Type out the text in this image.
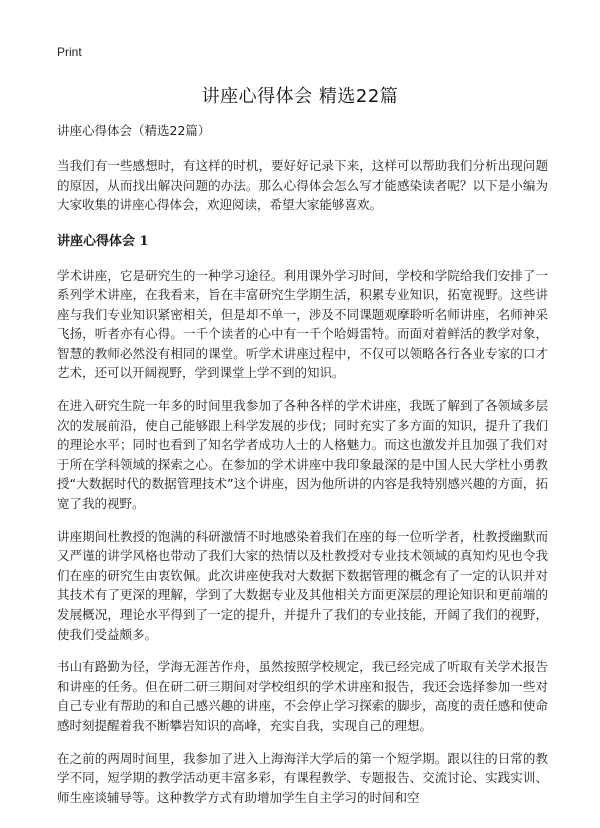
Print
讲座心得体会 精选22篇

讲座心得体会（精选22篇）

当我们有一些感想时，有这样的时机，要好好记录下来，这样可以帮助我们分析出现问题的原因，从而找出解决问题的办法。那么心得体会怎么写才能感染读者呢？以下是小编为大家收集的讲座心得体会，欢迎阅读，希望大家能够喜欢。

讲座心得体会 1

学术讲座，它是研究生的一种学习途径。利用课外学习时间，学校和学院给我们安排了一系列学术讲座，在我看来，旨在丰富研究生学期生活，积累专业知识，拓宽视野。这些讲座与我们专业知识紧密相关，但是却不单一，涉及不同课题观摩聆听名师讲座，名师神采飞扬，听者亦有心得。一千个读者的心中有一千个哈姆雷特。而面对着鲜活的教学对象，智慧的教师必然没有相同的课堂。听学术讲座过程中，不仅可以领略各行各业专家的口才艺术，还可以开阔视野，学到课堂上学不到的知识。

在进入研究生院一年多的时间里我参加了各种各样的学术讲座，我既了解到了各领域多层次的发展前沿，使自己能够跟上科学发展的步伐；同时充实了多方面的知识，提升了我们的理论水平；同时也看到了知名学者成功人士的人格魅力。而这也激发并且加强了我们对于所在学科领域的探索之心。在参加的学术讲座中我印象最深的是中国人民大学杜小勇教授“大数据时代的数据管理技术”这个讲座，因为他所讲的内容是我特别感兴趣的方面，拓宽了我的视野。

讲座期间杜教授的饱满的科研激情不时地感染着我们在座的每一位听学者，杜教授幽默而又严谨的讲学风格也带动了我们大家的热情以及杜教授对专业技术领域的真知灼见也令我们在座的研究生由衷钦佩。此次讲座使我对大数据下数据管理的概念有了一定的认识并对其技术有了更深的理解，学到了大数据专业及其他相关方面更深层的理论知识和更前端的发展概况，理论水平得到了一定的提升，并提升了我们的专业技能，开阔了我们的视野，使我们受益颇多。

书山有路勤为径，学海无涯苦作舟，虽然按照学校规定，我已经完成了听取有关学术报告和讲座的任务。但在研二研三期间对学校组织的学术讲座和报告，我还会选择参加一些对自己专业有帮助的和自己感兴趣的讲座，不会停止学习探索的脚步，高度的责任感和使命感时刻提醒着我不断攀岩知识的高峰，充实自我，实现自己的理想。

在之前的两周时间里，我参加了进入上海海洋大学后的第一个短学期。跟以往的日常的教学不同，短学期的教学活动更丰富多彩，有课程教学、专题报告、交流讨论、实践实训、师生座谈辅导等。这种教学方式有助增加学生自主学习的时间和空
